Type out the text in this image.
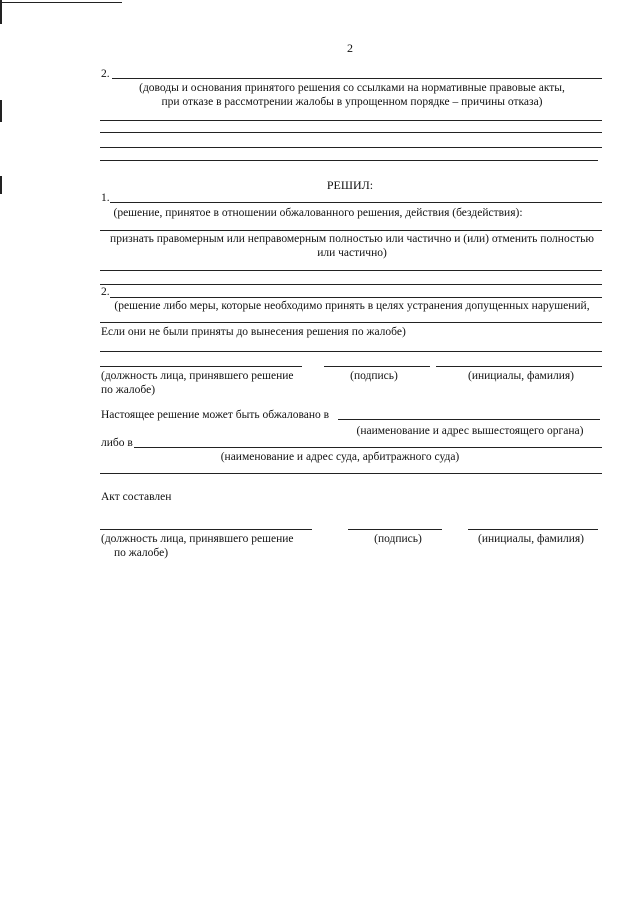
2
2.
(доводы и основания принятого решения со ссылками на нормативные правовые акты,
при отказе в рассмотрении жалобы в упрощенном порядке – причины отказа)
РЕШИЛ:
1.
(решение, принятое в отношении обжалованного решения, действия (бездействия):
признать правомерным или неправомерным полностью или частично и (или) отменить полностью
или частично)
2.
(решение либо меры, которые необходимо принять в целях устранения допущенных нарушений,
Если они не были приняты до вынесения решения по жалобе)
(должность лица, принявшего решение
по жалобе)
(подпись)	(инициалы, фамилия)
Настоящее решение может быть обжаловано в
(наименование и адрес вышестоящего органа)
либо в
(наименование и адрес суда, арбитражного суда)
Акт составлен
(должность лица, принявшего решение
по жалобе)
(подпись)	(инициалы, фамилия)
